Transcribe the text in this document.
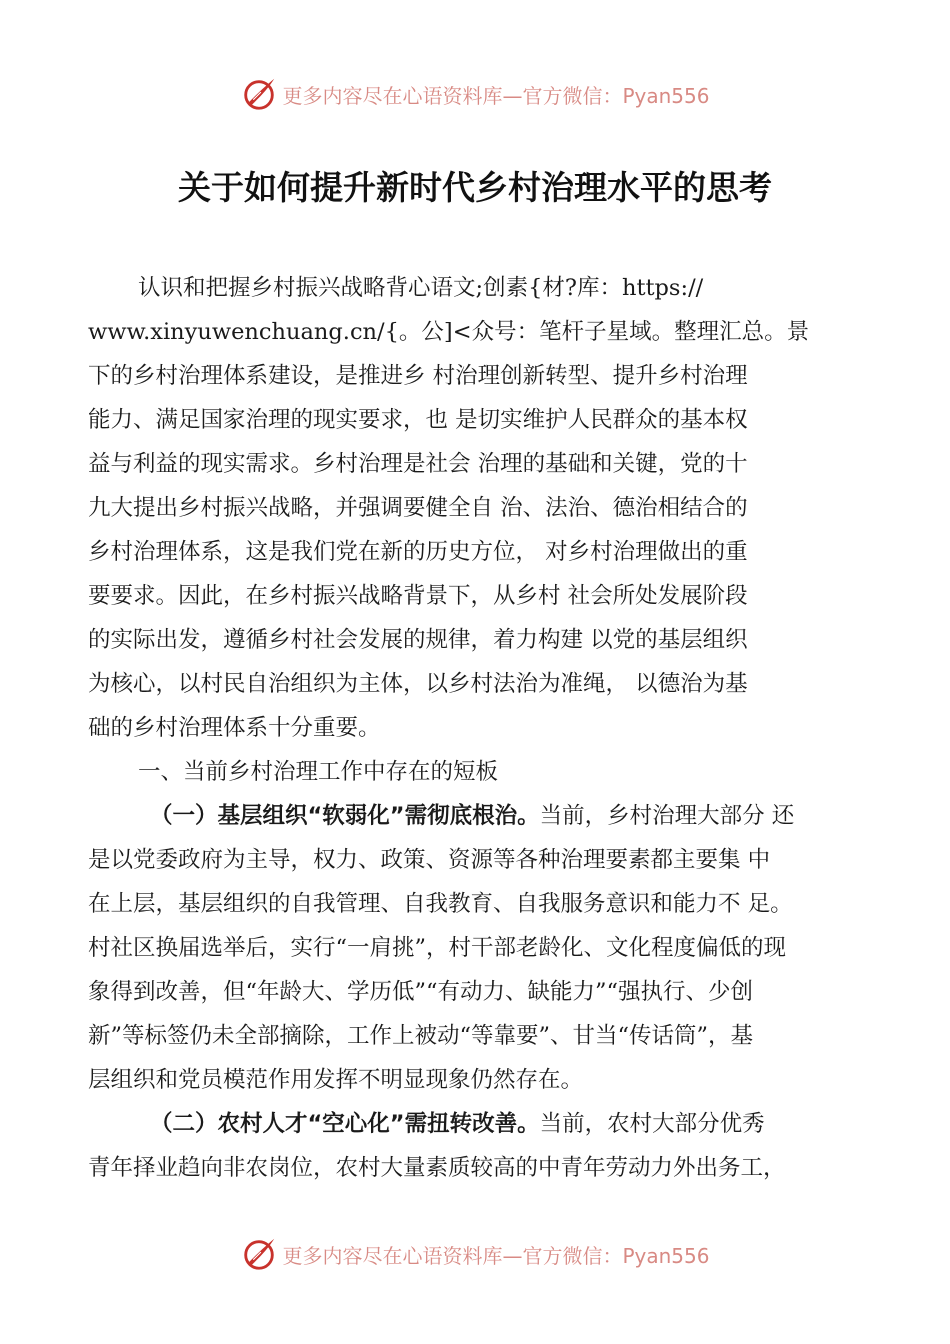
更多内容尽在心语资料库—官方微信：Pyan556
关于如何提升新时代乡村治理水平的思考
认识和把握乡村振兴战略背心语文;创素{材?库：https://
www.xinyuwenchuang.cn/{。公]<众号：笔杆子星域。整理汇总。景
下的乡村治理体系建设，是推进乡 村治理创新转型、提升乡村治理
能力、满足国家治理的现实要求，也 是切实维护人民群众的基本权
益与利益的现实需求。乡村治理是社会 治理的基础和关键，党的十
九大提出乡村振兴战略，并强调要健全自 治、法治、德治相结合的
乡村治理体系，这是我们党在新的历史方位， 对乡村治理做出的重
要要求。因此，在乡村振兴战略背景下，从乡村 社会所处发展阶段
的实际出发，遵循乡村社会发展的规律，着力构建 以党的基层组织
为核心，以村民自治组织为主体，以乡村法治为准绳， 以德治为基
础的乡村治理体系十分重要。
一、当前乡村治理工作中存在的短板
（一）基层组织“软弱化”需彻底根治。当前，乡村治理大部分 还
是以党委政府为主导，权力、政策、资源等各种治理要素都主要集 中
在上层，基层组织的自我管理、自我教育、自我服务意识和能力不 足。
村社区换届选举后，实行“一肩挑”，村干部老龄化、文化程度偏低的现
象得到改善，但“年龄大、学历低”“有动力、缺能力”“强执行、少创
新”等标签仍未全部摘除，工作上被动“等靠要”、甘当“传话筒”，基
层组织和党员模范作用发挥不明显现象仍然存在。
（二）农村人才“空心化”需扭转改善。当前，农村大部分优秀
青年择业趋向非农岗位，农村大量素质较高的中青年劳动力外出务工，
更多内容尽在心语资料库—官方微信：Pyan556
